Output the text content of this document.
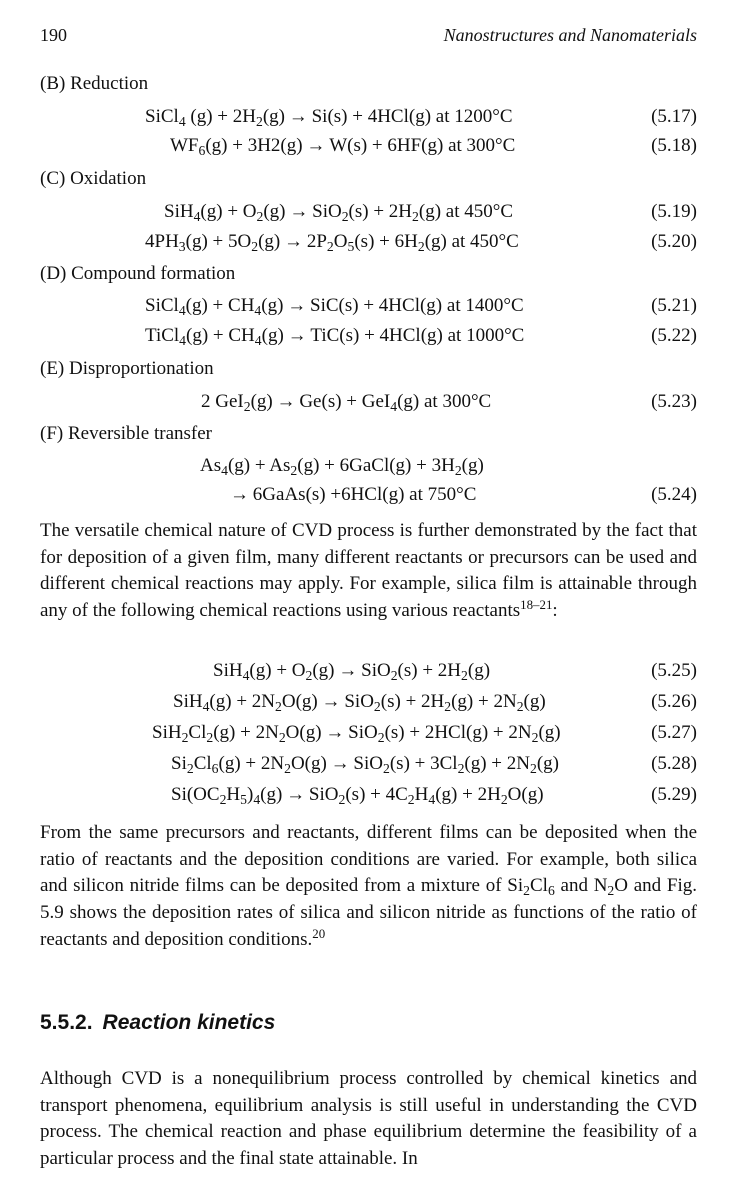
190	Nanostructures and Nanomaterials
(B) Reduction
SiCl$_4$ $(g) + 2H_2(g) \to Si(s) + 4HCl(g)$ at 1200°C	(5.17)
$WF_6(g) + 3H2(g) \to W(s) + 6HF(g)$ at 300°C	(5.18)
(C) Oxidation
$SiH_4(g) + O_2(g) \to SiO_2(s) + 2H_2(g)$ at 450°C	(5.19)
$4PH_3(g) + 5O_2(g) \to 2P_2O_5(s) + 6H_2(g)$ at 450°C	(5.20)
(D) Compound formation
SiCl$_4$(g) + $CH_4(g) \to SiC(s) + 4HCl(g)$ at 1400°C	(5.21)
TiCl$_4$(g) + $CH_4(g) \to TiC(s) + 4HCl(g)$ at 1000°C	(5.22)
(E) Disproportionation
2 GeI$_2$(g) → Ge(s) + GeI$_4$(g) at 300°C	(5.23)
(F) Reversible transfer
$As_4(g) + As_2(g)$ + 6GaCl(g) + $3H_2(g)$
→ 6GaAs(s) +6HCl(g) at 750°C	(5.24)

The versatile chemical nature of CVD process is further demonstrated by the fact that for deposition of a given film, many different reactants or precursors can be used and different chemical reactions may apply. For example, silica film is attainable through any of the following chemical reactions using various reactants$^{18-21}$:

$SiH_4(g) + O_2(g) \to SiO_2(s) + 2H_2(g)$	(5.25)
$SiH_4(g) + 2N_2O(g) \to SiO_2(s) + 2H_2(g) + 2N_2(g)$	(5.26)
$SiH_2Cl_2(g) + 2N_2O(g) \to SiO_2(s) + 2HCl(g) + 2N_2(g)$	(5.27)
$Si_2Cl_6(g) + 2N_2O(g) \to SiO_2(s) + 3Cl_2(g) + 2N_2(g)$	(5.28)
$Si(OC_2H_5)_4(g) \to SiO_2(s) + 4C_2H_4(g) + 2H_2O(g)$	(5.29)

From the same precursors and reactants, different films can be deposited when the ratio of reactants and the deposition conditions are varied. For example, both silica and silicon nitride films can be deposited from a mixture of $Si_2Cl_6$ and $N_2O$ and Fig. 5.9 shows the deposition rates of silica and silicon nitride as functions of the ratio of reactants and deposition conditions.$^{20}$

5.5.2. Reaction kinetics

Although CVD is a nonequilibrium process controlled by chemical kinetics and transport phenomena, equilibrium analysis is still useful in understanding the CVD process. The chemical reaction and phase equilibrium determine the feasibility of a particular process and the final state attainable. In
